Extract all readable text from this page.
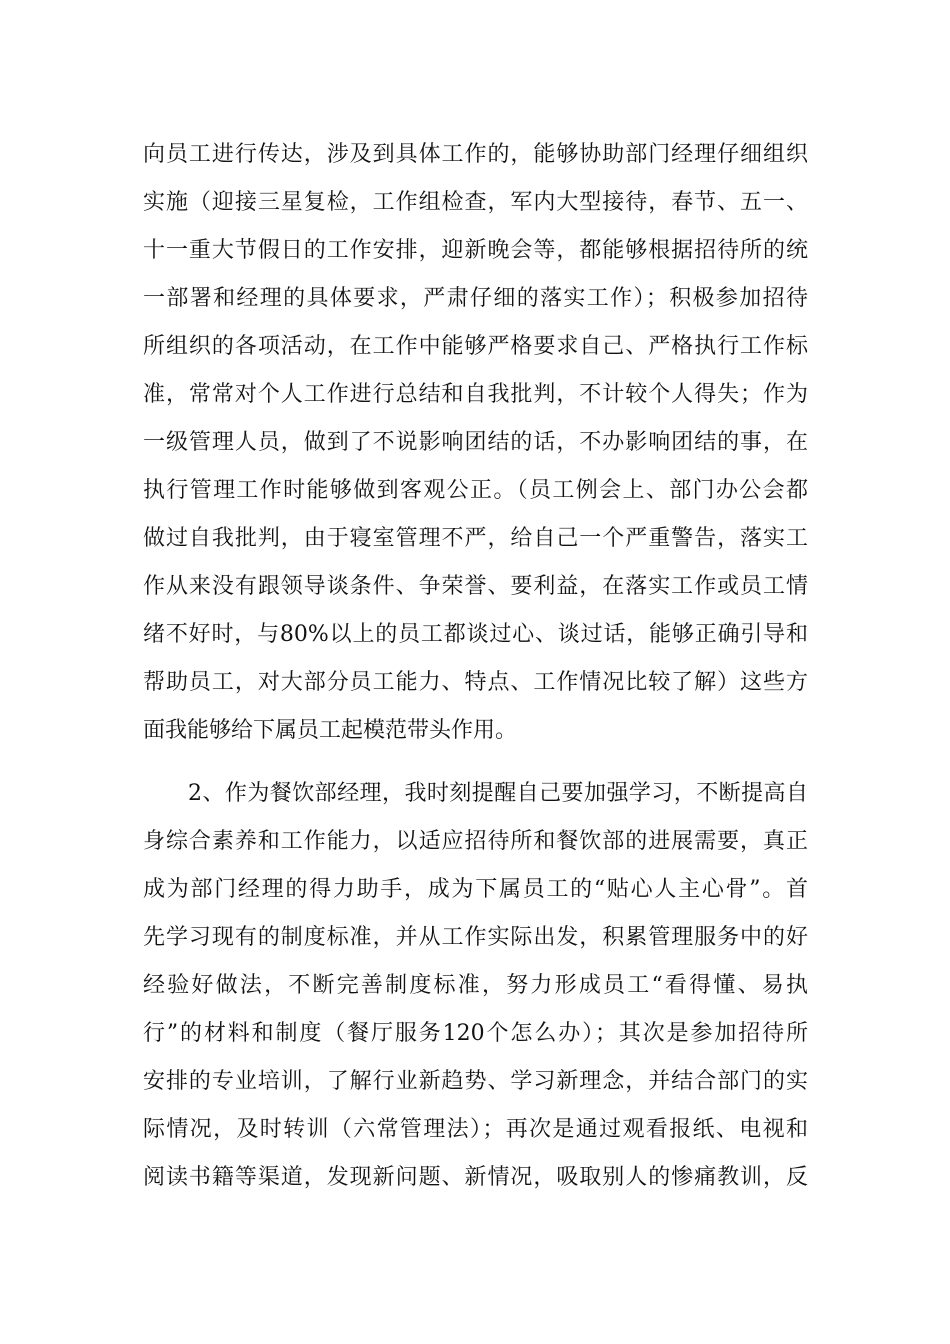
向员工进行传达，涉及到具体工作的，能够协助部门经理仔细组织
实施（迎接三星复检，工作组检查，军内大型接待，春节、五一、
十一重大节假日的工作安排，迎新晚会等，都能够根据招待所的统
一部署和经理的具体要求，严肃仔细的落实工作）；积极参加招待
所组织的各项活动，在工作中能够严格要求自己、严格执行工作标
准，常常对个人工作进行总结和自我批判，不计较个人得失；作为
一级管理人员，做到了不说影响团结的话，不办影响团结的事，在
执行管理工作时能够做到客观公正。（员工例会上、部门办公会都
做过自我批判，由于寝室管理不严，给自己一个严重警告，落实工
作从来没有跟领导谈条件、争荣誉、要利益，在落实工作或员工情
绪不好时，与80%以上的员工都谈过心、谈过话，能够正确引导和
帮助员工，对大部分员工能力、特点、工作情况比较了解）这些方
面我能够给下属员工起模范带头作用。
2、作为餐饮部经理，我时刻提醒自己要加强学习，不断提高自
身综合素养和工作能力，以适应招待所和餐饮部的进展需要，真正
成为部门经理的得力助手，成为下属员工的“贴心人主心骨”。首
先学习现有的制度标准，并从工作实际出发，积累管理服务中的好
经验好做法，不断完善制度标准，努力形成员工“看得懂、易执
行”的材料和制度（餐厅服务120个怎么办）；其次是参加招待所
安排的专业培训，了解行业新趋势、学习新理念，并结合部门的实
际情况，及时转训（六常管理法）；再次是通过观看报纸、电视和
阅读书籍等渠道，发现新问题、新情况，吸取别人的惨痛教训，反
